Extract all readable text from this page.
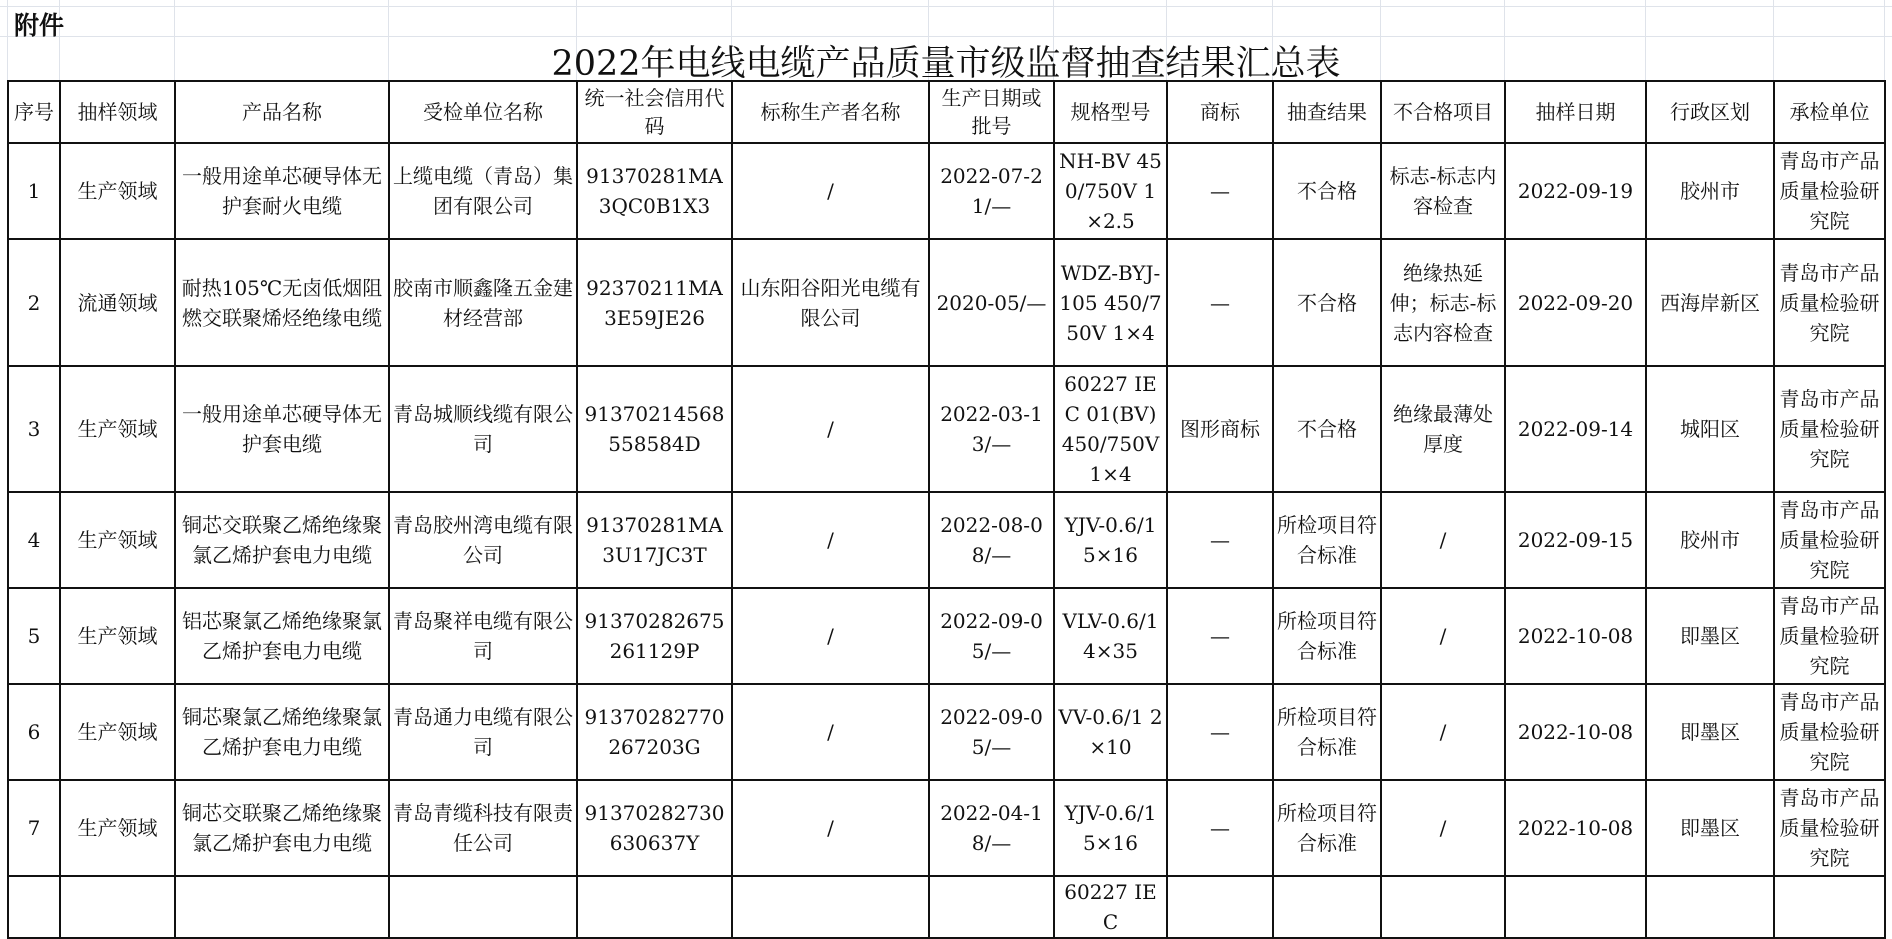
附件
2022年电线电缆产品质量市级监督抽查结果汇总表
序号	抽样领域	产品名称	受检单位名称	统一社会信用代码	标称生产者名称	生产日期或批号	规格型号	商标	抽查结果	不合格项目	抽样日期	行政区划	承检单位
1	生产领域	一般用途单芯硬导体无护套耐火电缆	上缆电缆（青岛）集团有限公司	91370281MA3QC0B1X3	/	2022-07-21/—	NH-BV 450/750V 1×2.5	—	不合格	标志-标志内容检查	2022-09-19	胶州市	青岛市产品质量检验研究院
2	流通领域	耐热105℃无卤低烟阻燃交联聚烯烃绝缘电缆	胶南市顺鑫隆五金建材经营部	92370211MA3E59JE26	山东阳谷阳光电缆有限公司	2020-05/—	WDZ-BYJ-105 450/750V 1×4	—	不合格	绝缘热延伸；标志-标志内容检查	2022-09-20	西海岸新区	青岛市产品质量检验研究院
3	生产领域	一般用途单芯硬导体无护套电缆	青岛城顺线缆有限公司	91370214568558584D	/	2022-03-13/—	60227 IEC 01(BV) 450/750V 1×4	图形商标	不合格	绝缘最薄处厚度	2022-09-14	城阳区	青岛市产品质量检验研究院
4	生产领域	铜芯交联聚乙烯绝缘聚氯乙烯护套电力电缆	青岛胶州湾电缆有限公司	91370281MA3U17JC3T	/	2022-08-08/—	YJV-0.6/1 5×16	—	所检项目符合标准	/	2022-09-15	胶州市	青岛市产品质量检验研究院
5	生产领域	铝芯聚氯乙烯绝缘聚氯乙烯护套电力电缆	青岛聚祥电缆有限公司	91370282675261129P	/	2022-09-05/—	VLV-0.6/1 4×35	—	所检项目符合标准	/	2022-10-08	即墨区	青岛市产品质量检验研究院
6	生产领域	铜芯聚氯乙烯绝缘聚氯乙烯护套电力电缆	青岛通力电缆有限公司	91370282770267203G	/	2022-09-05/—	VV-0.6/1 2×10	—	所检项目符合标准	/	2022-10-08	即墨区	青岛市产品质量检验研究院
7	生产领域	铜芯交联聚乙烯绝缘聚氯乙烯护套电力电缆	青岛青缆科技有限责任公司	91370282730630637Y	/	2022-04-18/—	YJV-0.6/1 5×16	—	所检项目符合标准	/	2022-10-08	即墨区	青岛市产品质量检验研究院
							60227 IEC						
